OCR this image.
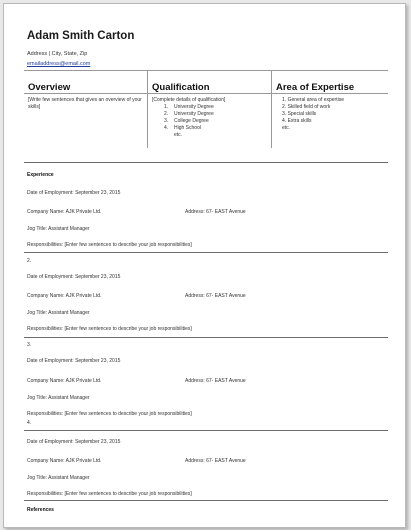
Adam Smith Carton
Address | City, State, Zip
emailaddress@email.com
Overview
[Write few sentences that gives an overview of your skills]
Qualification
[Complete details of qualification]
1. University Degree
2. University Degree
3. College Degree
4. High School
etc.
Area of Expertise
1. General area of expertise
2. Skilled field of work
3. Special skills
4. Extra skills
etc.
Experience
Date of Employment: September 23, 2015
Company Name: AJK Private Ltd.	Address: 67- EAST Avenue
Jog Title: Assistant Manager
Responsibilities: [Enter few sentences to describe your job responsibilities]
2.
Date of Employment: September 23, 2015
Company Name: AJK Private Ltd.	Address: 67- EAST Avenue
Jog Title: Assistant Manager
Responsibilities: [Enter few sentences to describe your job responsibilities]
3.
Date of Employment: September 23, 2015
Company Name: AJK Private Ltd.	Address: 67- EAST Avenue
Jog Title: Assistant Manager
Responsibilities: [Enter few sentences to describe your job responsibilities]
4.
Date of Employment: September 23, 2015
Company Name: AJK Private Ltd.	Address: 67- EAST Avenue
Jog Title: Assistant Manager
Responsibilities: [Enter few sentences to describe your job responsibilities]
References
